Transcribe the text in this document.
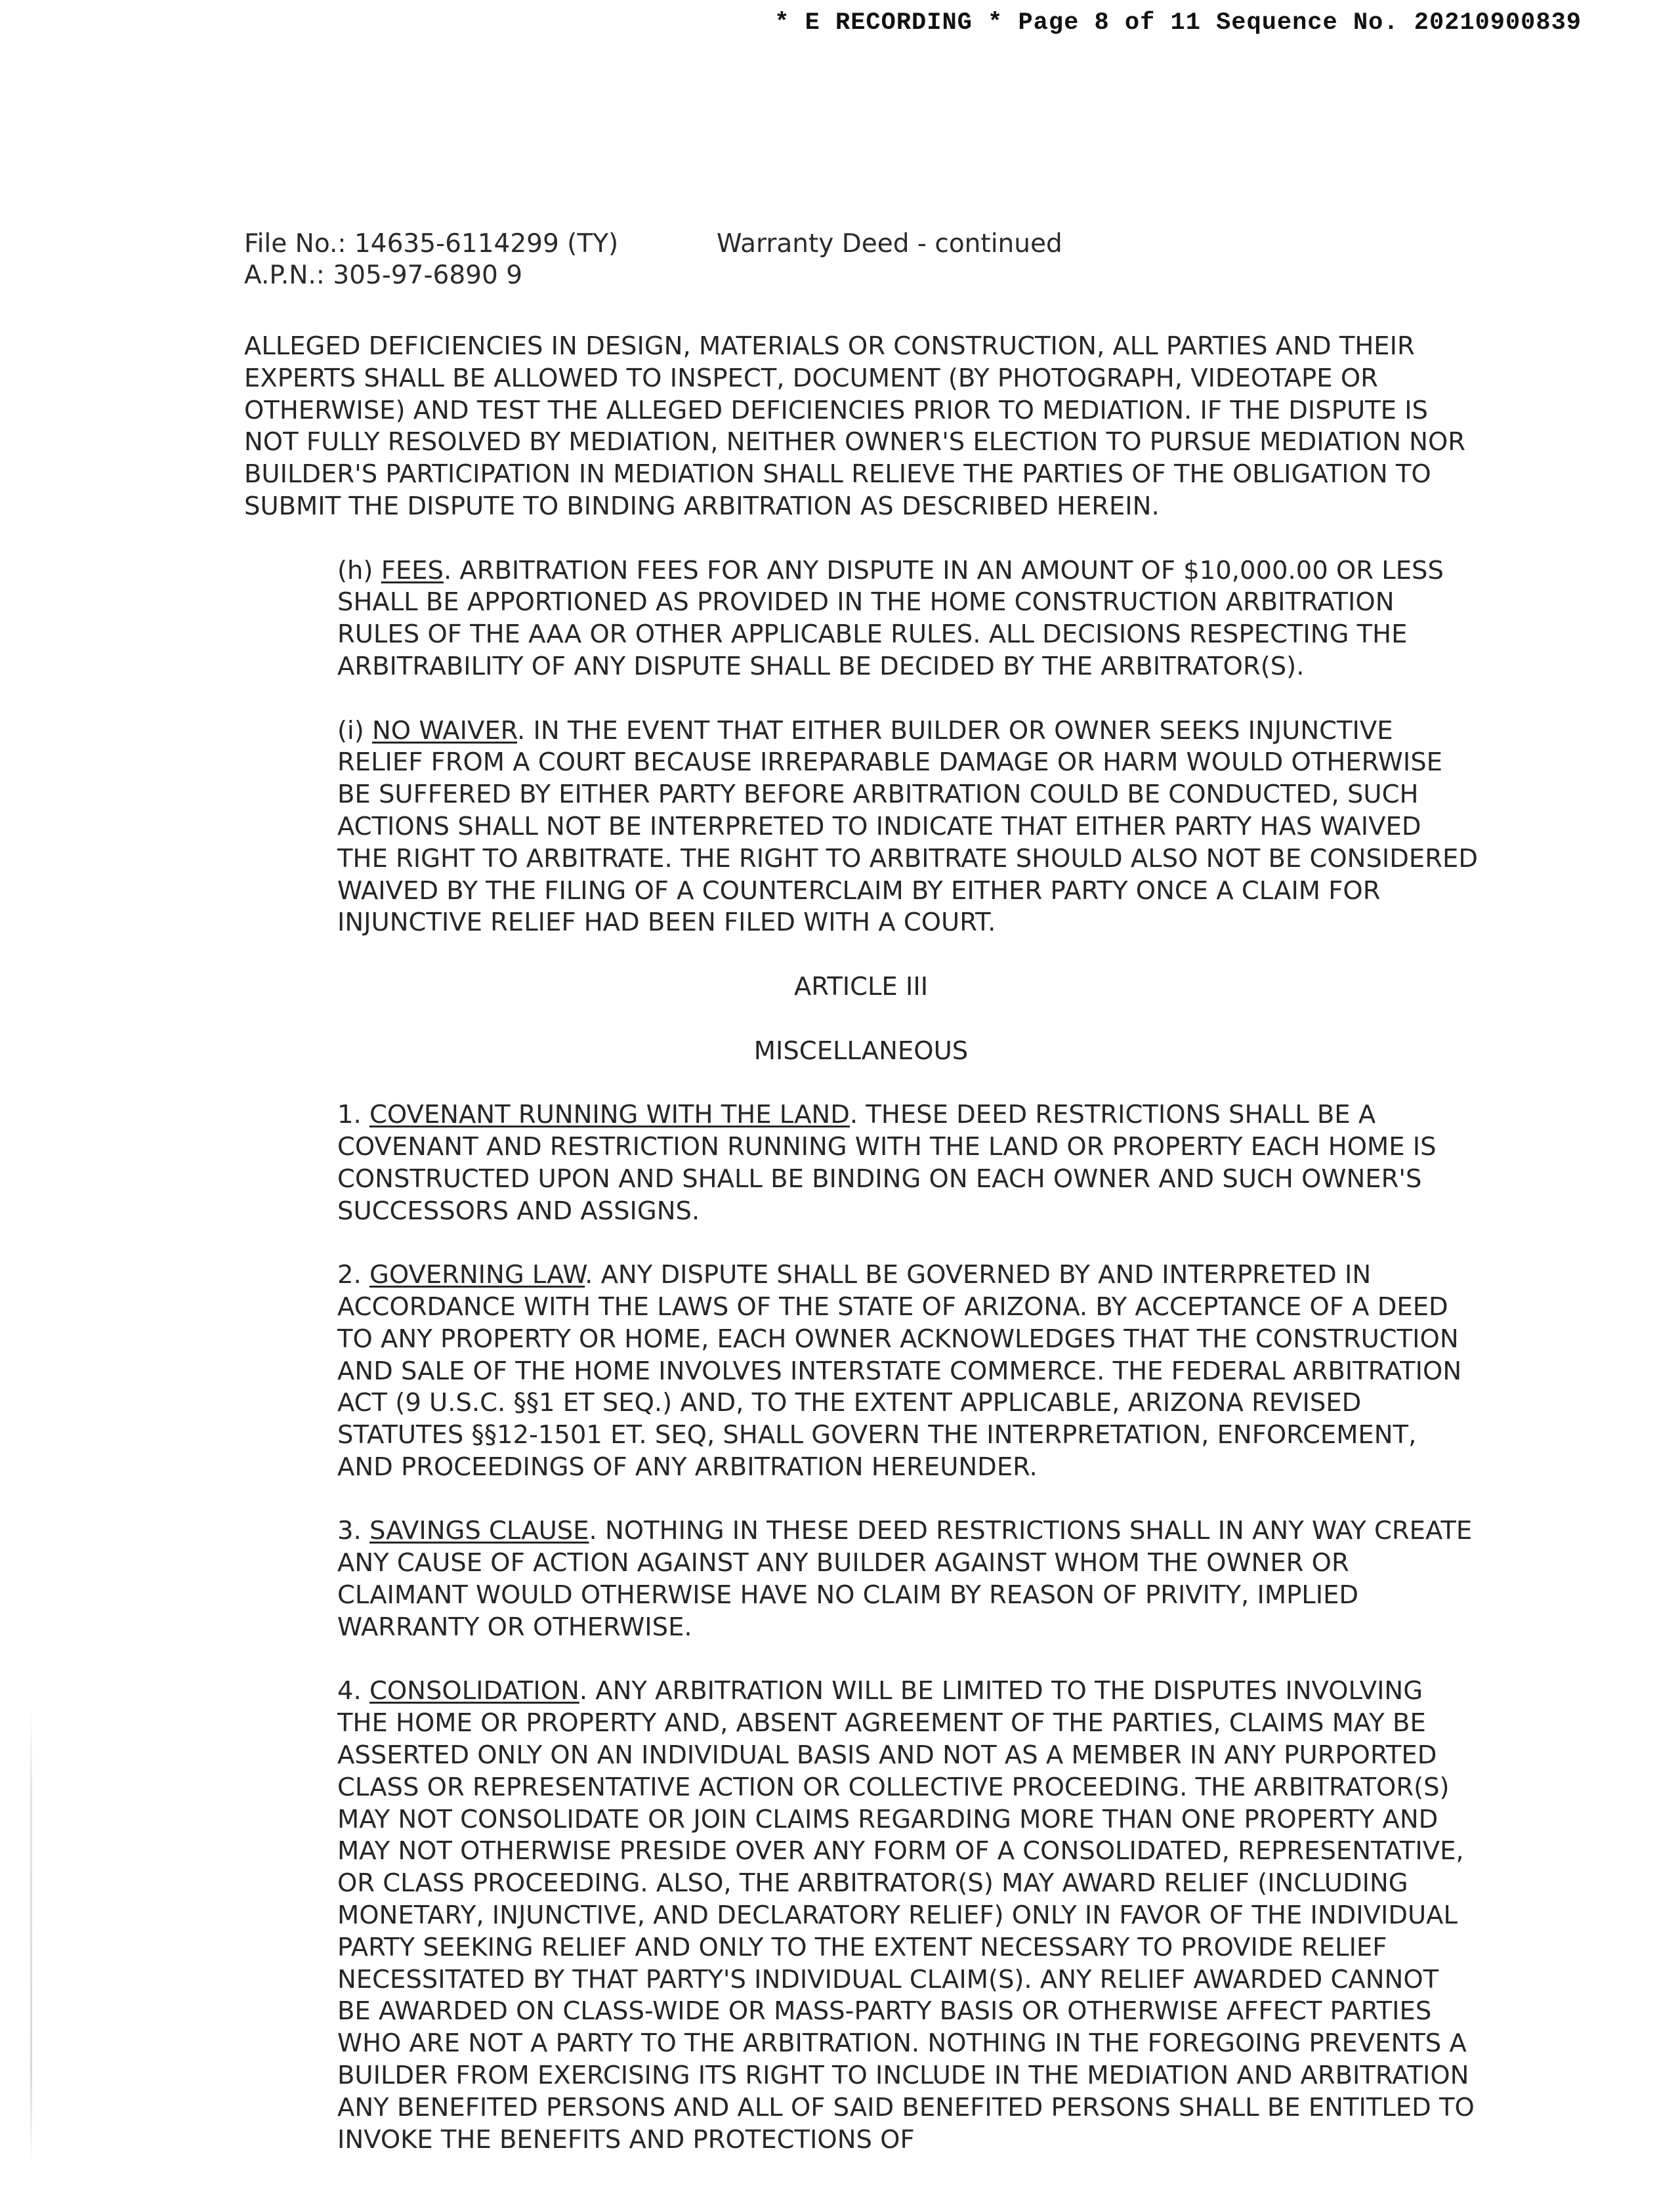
* E RECORDING * Page 8 of 11 Sequence No. 20210900839
File No.: 14635-6114299 (TY)
A.P.N.: 305-97-6890 9
Warranty Deed - continued

ALLEGED DEFICIENCIES IN DESIGN, MATERIALS OR CONSTRUCTION, ALL PARTIES AND THEIR EXPERTS SHALL BE ALLOWED TO INSPECT, DOCUMENT (BY PHOTOGRAPH, VIDEOTAPE OR OTHERWISE) AND TEST THE ALLEGED DEFICIENCIES PRIOR TO MEDIATION. IF THE DISPUTE IS NOT FULLY RESOLVED BY MEDIATION, NEITHER OWNER'S ELECTION TO PURSUE MEDIATION NOR BUILDER'S PARTICIPATION IN MEDIATION SHALL RELIEVE THE PARTIES OF THE OBLIGATION TO SUBMIT THE DISPUTE TO BINDING ARBITRATION AS DESCRIBED HEREIN.

(h) FEES. ARBITRATION FEES FOR ANY DISPUTE IN AN AMOUNT OF $10,000.00 OR LESS SHALL BE APPORTIONED AS PROVIDED IN THE HOME CONSTRUCTION ARBITRATION RULES OF THE AAA OR OTHER APPLICABLE RULES. ALL DECISIONS RESPECTING THE ARBITRABILITY OF ANY DISPUTE SHALL BE DECIDED BY THE ARBITRATOR(S).

(i) NO WAIVER. IN THE EVENT THAT EITHER BUILDER OR OWNER SEEKS INJUNCTIVE RELIEF FROM A COURT BECAUSE IRREPARABLE DAMAGE OR HARM WOULD OTHERWISE BE SUFFERED BY EITHER PARTY BEFORE ARBITRATION COULD BE CONDUCTED, SUCH ACTIONS SHALL NOT BE INTERPRETED TO INDICATE THAT EITHER PARTY HAS WAIVED THE RIGHT TO ARBITRATE. THE RIGHT TO ARBITRATE SHOULD ALSO NOT BE CONSIDERED WAIVED BY THE FILING OF A COUNTERCLAIM BY EITHER PARTY ONCE A CLAIM FOR INJUNCTIVE RELIEF HAD BEEN FILED WITH A COURT.

ARTICLE III
MISCELLANEOUS

1. COVENANT RUNNING WITH THE LAND. THESE DEED RESTRICTIONS SHALL BE A COVENANT AND RESTRICTION RUNNING WITH THE LAND OR PROPERTY EACH HOME IS CONSTRUCTED UPON AND SHALL BE BINDING ON EACH OWNER AND SUCH OWNER'S SUCCESSORS AND ASSIGNS.

2. GOVERNING LAW. ANY DISPUTE SHALL BE GOVERNED BY AND INTERPRETED IN ACCORDANCE WITH THE LAWS OF THE STATE OF ARIZONA. BY ACCEPTANCE OF A DEED TO ANY PROPERTY OR HOME, EACH OWNER ACKNOWLEDGES THAT THE CONSTRUCTION AND SALE OF THE HOME INVOLVES INTERSTATE COMMERCE. THE FEDERAL ARBITRATION ACT (9 U.S.C. §§1 ET SEQ.) AND, TO THE EXTENT APPLICABLE, ARIZONA REVISED STATUTES §§12-1501 ET. SEQ, SHALL GOVERN THE INTERPRETATION, ENFORCEMENT, AND PROCEEDINGS OF ANY ARBITRATION HEREUNDER.

3. SAVINGS CLAUSE. NOTHING IN THESE DEED RESTRICTIONS SHALL IN ANY WAY CREATE ANY CAUSE OF ACTION AGAINST ANY BUILDER AGAINST WHOM THE OWNER OR CLAIMANT WOULD OTHERWISE HAVE NO CLAIM BY REASON OF PRIVITY, IMPLIED WARRANTY OR OTHERWISE.

4. CONSOLIDATION. ANY ARBITRATION WILL BE LIMITED TO THE DISPUTES INVOLVING THE HOME OR PROPERTY AND, ABSENT AGREEMENT OF THE PARTIES, CLAIMS MAY BE ASSERTED ONLY ON AN INDIVIDUAL BASIS AND NOT AS A MEMBER IN ANY PURPORTED CLASS OR REPRESENTATIVE ACTION OR COLLECTIVE PROCEEDING. THE ARBITRATOR(S) MAY NOT CONSOLIDATE OR JOIN CLAIMS REGARDING MORE THAN ONE PROPERTY AND MAY NOT OTHERWISE PRESIDE OVER ANY FORM OF A CONSOLIDATED, REPRESENTATIVE, OR CLASS PROCEEDING. ALSO, THE ARBITRATOR(S) MAY AWARD RELIEF (INCLUDING MONETARY, INJUNCTIVE, AND DECLARATORY RELIEF) ONLY IN FAVOR OF THE INDIVIDUAL PARTY SEEKING RELIEF AND ONLY TO THE EXTENT NECESSARY TO PROVIDE RELIEF NECESSITATED BY THAT PARTY'S INDIVIDUAL CLAIM(S). ANY RELIEF AWARDED CANNOT BE AWARDED ON CLASS-WIDE OR MASS-PARTY BASIS OR OTHERWISE AFFECT PARTIES WHO ARE NOT A PARTY TO THE ARBITRATION. NOTHING IN THE FOREGOING PREVENTS A BUILDER FROM EXERCISING ITS RIGHT TO INCLUDE IN THE MEDIATION AND ARBITRATION ANY BENEFITED PERSONS AND ALL OF SAID BENEFITED PERSONS SHALL BE ENTITLED TO INVOKE THE BENEFITS AND PROTECTIONS OF
